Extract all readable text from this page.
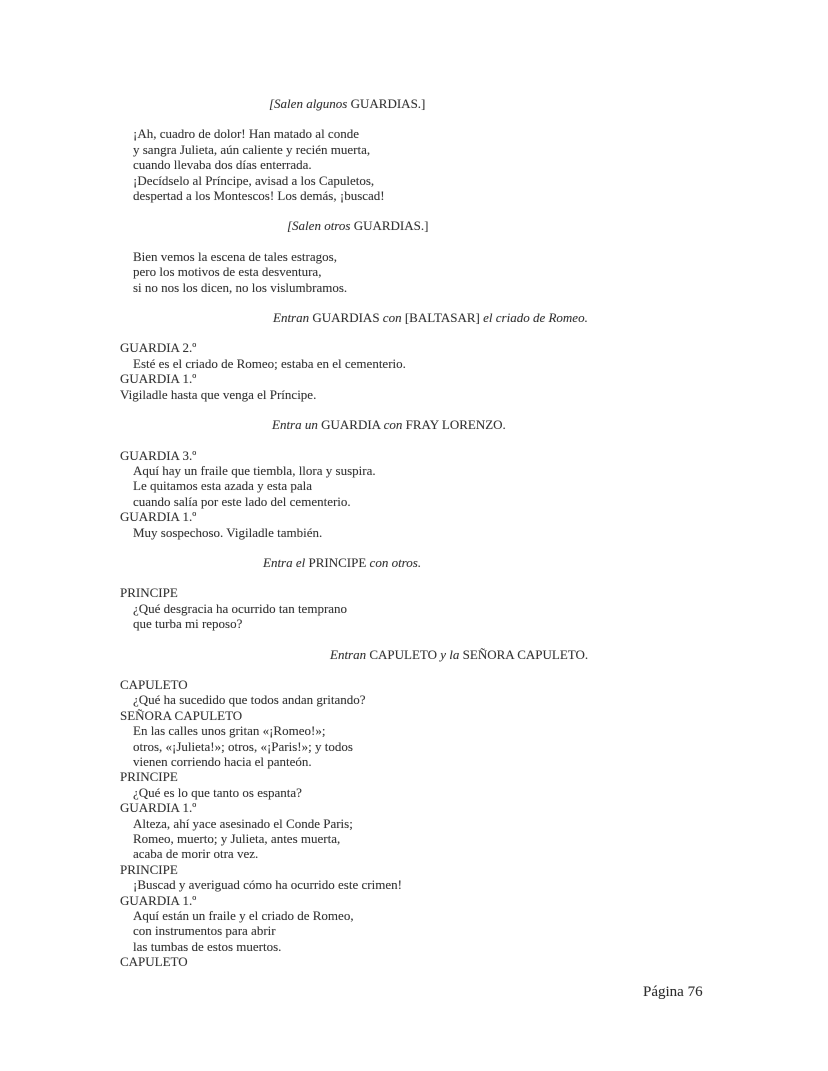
[Salen algunos GUARDIAS.]
¡Ah, cuadro de dolor! Han matado al conde
y sangra Julieta, aún caliente y recién muerta,
cuando llevaba dos días enterrada.
¡Decídselo al Príncipe, avisad a los Capuletos,
despertad a los Montescos! Los demás, ¡buscad!
[Salen otros GUARDIAS.]
Bien vemos la escena de tales estragos,
pero los motivos de esta desventura,
si no nos los dicen, no los vislumbramos.
Entran GUARDIAS con [BALTASAR] el criado de Romeo.
GUARDIA 2.º
Esté es el criado de Romeo; estaba en el cementerio.
GUARDIA 1.º
Vigiladle hasta que venga el Príncipe.
Entra un GUARDIA con FRAY LORENZO.
GUARDIA 3.º
Aquí hay un fraile que tiembla, llora y suspira.
Le quitamos esta azada y esta pala
cuando salía por este lado del cementerio.
GUARDIA 1.º
Muy sospechoso. Vigiladle también.
Entra el PRINCIPE con otros.
PRINCIPE
¿Qué desgracia ha ocurrido tan temprano
que turba mi reposo?
Entran CAPULETO y la SEÑORA CAPULETO.
CAPULETO
¿Qué ha sucedido que todos andan gritando?
SEÑORA CAPULETO
En las calles unos gritan «¡Romeo!»;
otros, «¡Julieta!»; otros, «¡Paris!»; y todos
vienen corriendo hacia el panteón.
PRINCIPE
¿Qué es lo que tanto os espanta?
GUARDIA 1.º
Alteza, ahí yace asesinado el Conde Paris;
Romeo, muerto; y Julieta, antes muerta,
acaba de morir otra vez.
PRINCIPE
¡Buscad y averiguad cómo ha ocurrido este crimen!
GUARDIA 1.º
Aquí están un fraile y el criado de Romeo,
con instrumentos para abrir
las tumbas de estos muertos.
CAPULETO
Página 76
